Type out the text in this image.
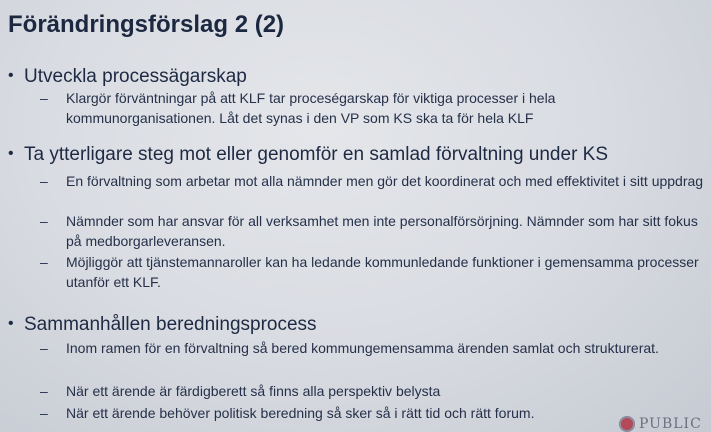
Förändringsförslag 2 (2)
• Utveckla processägarskap
– Klargör förväntningar på att KLF tar proceségarskap för viktiga processer i hela kommunorganisationen. Låt det synas i den VP som KS ska ta för hela KLF
• Ta ytterligare steg mot eller genomför en samlad förvaltning under KS
– En förvaltning som arbetar mot alla nämnder men gör det koordinerat och med effektivitet i sitt uppdrag
– Nämnder som har ansvar för all verksamhet men inte personalförsörjning. Nämnder som har sitt fokus på medborgarleveransen.
– Möjliggör att tjänstemannaroller kan ha ledande kommunledande funktioner i gemensamma processer utanför ett KLF.
• Sammanhållen beredningsprocess
– Inom ramen för en förvaltning så bered kommungemensamma ärenden samlat och strukturerat.
– När ett ärende är färdigberett så finns alla perspektiv belysta
– När ett ärende behöver politisk beredning så sker så i rätt tid och rätt forum.
PUBLIC
